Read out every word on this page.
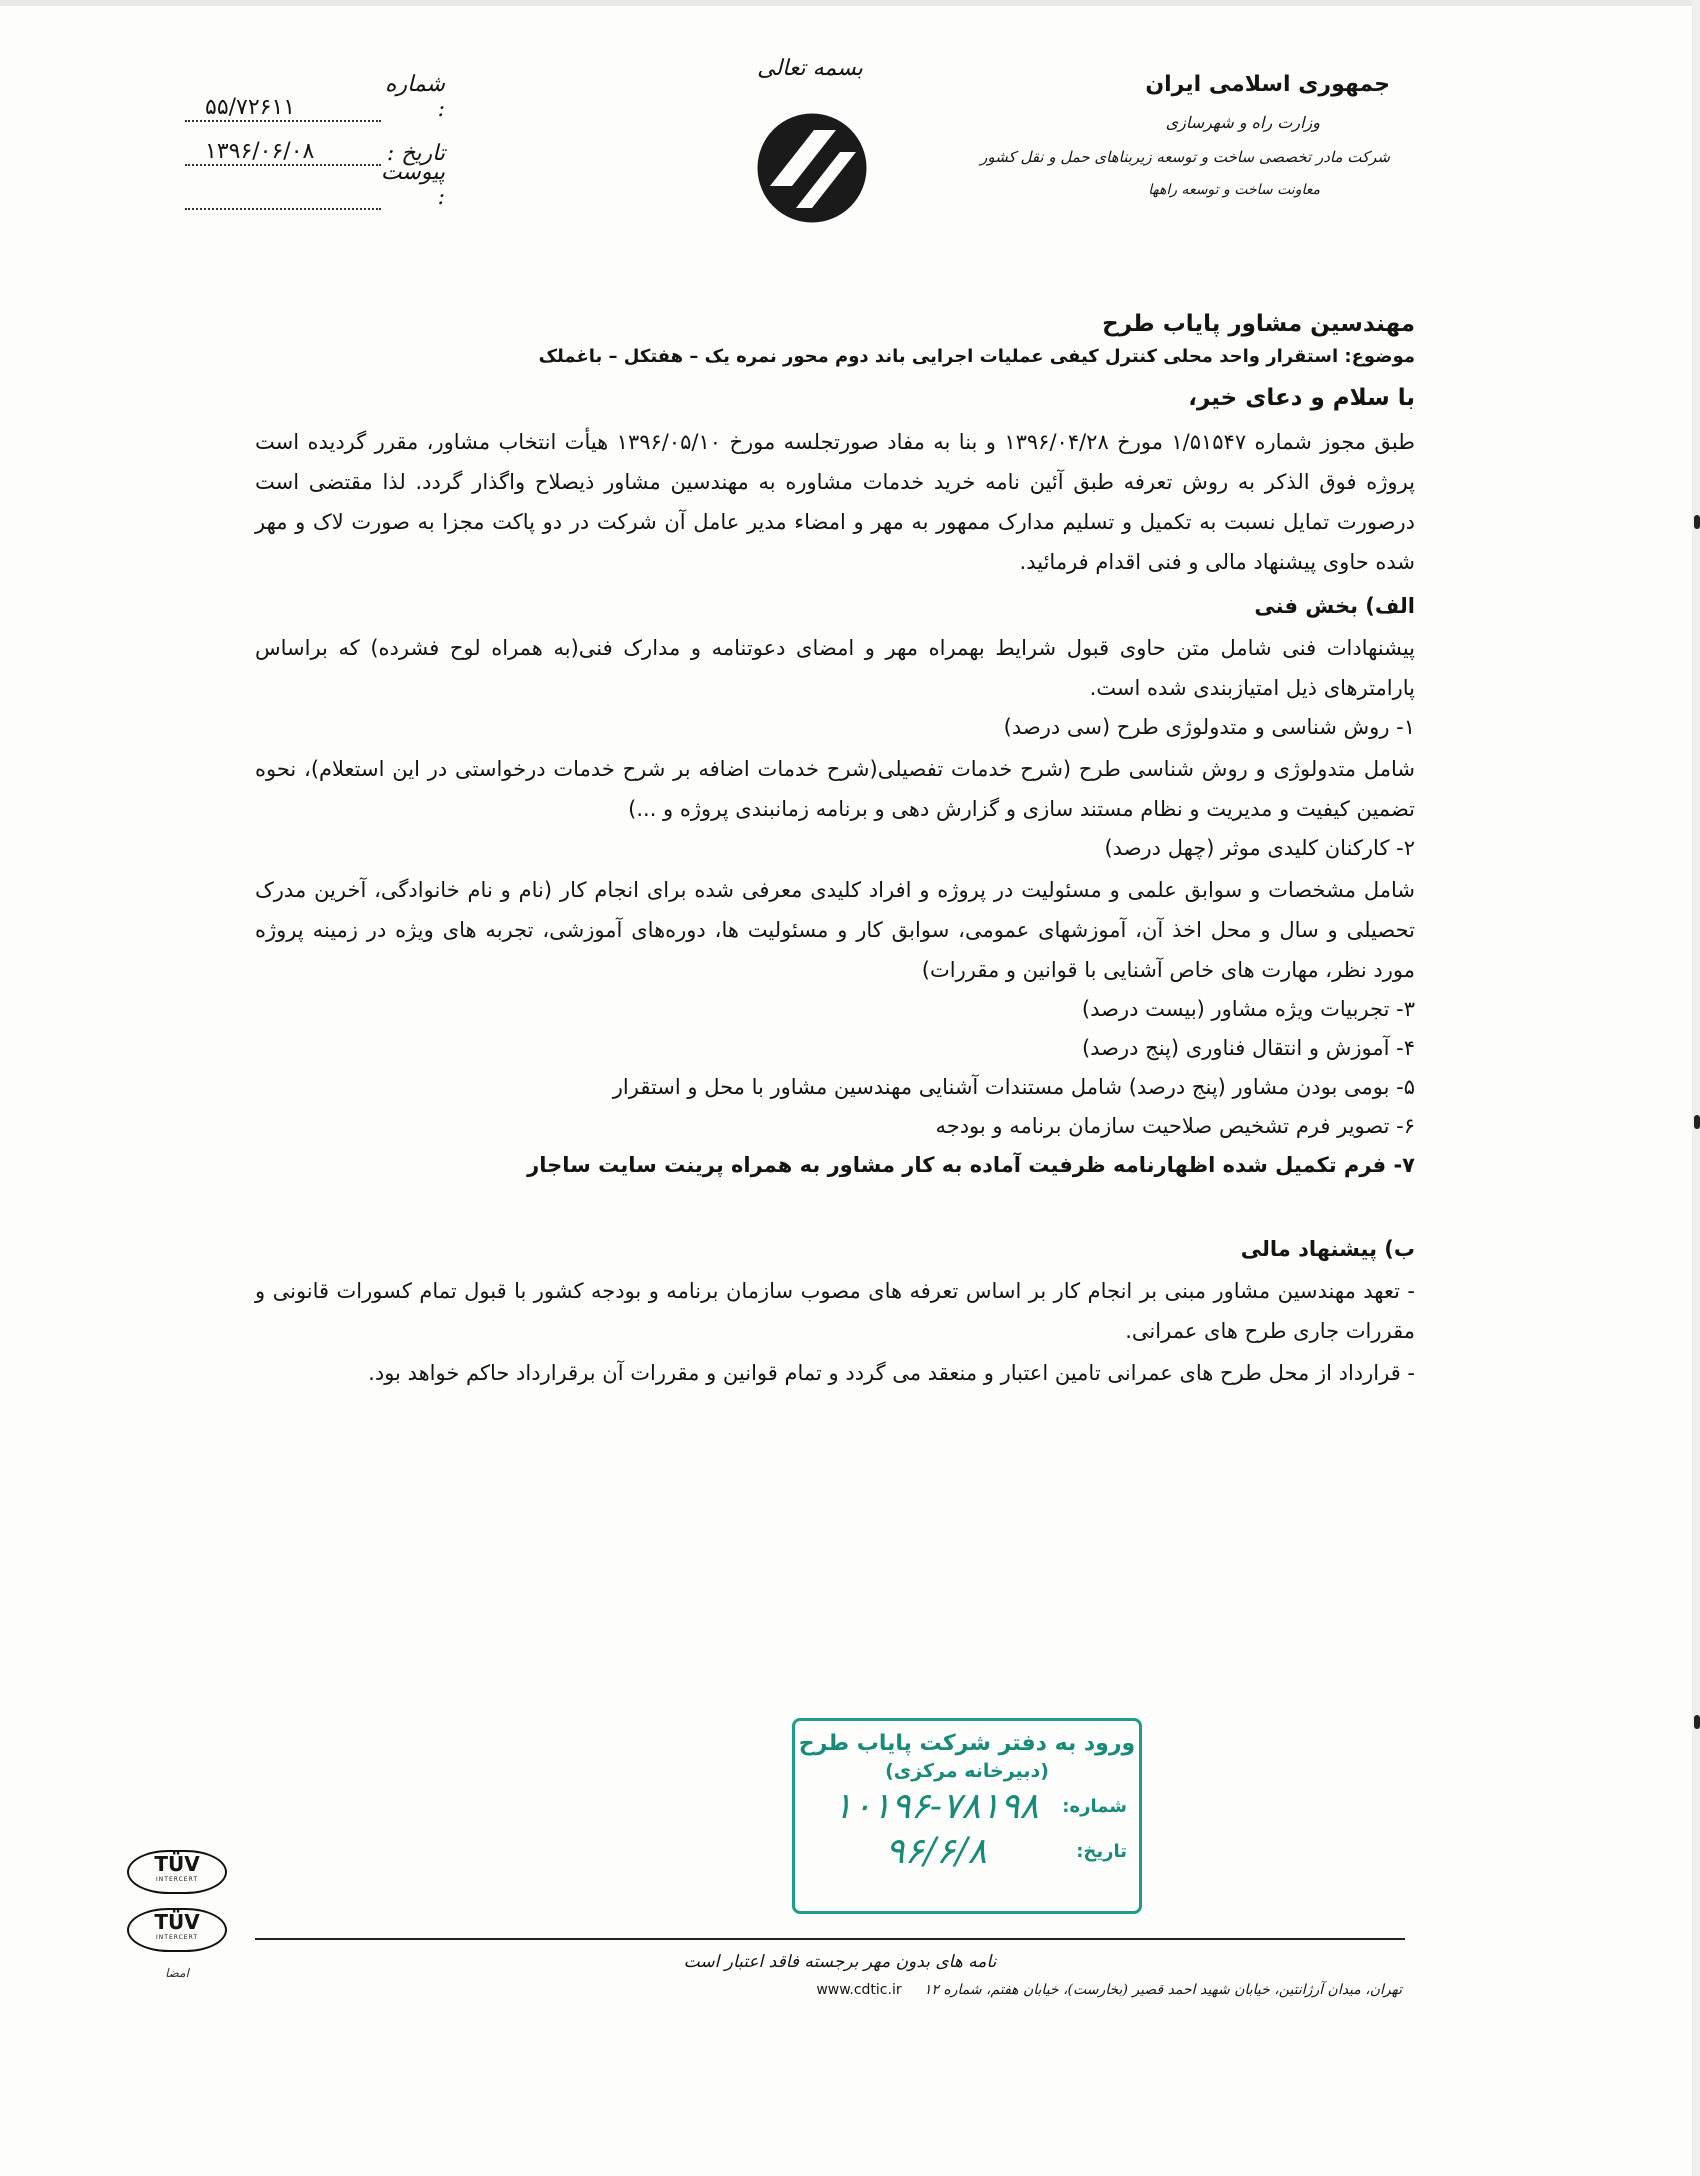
شماره :
۵۵/۷۲۶۱۱
تاریخ :
۱۳۹۶/۰۶/۰۸
پیوست :
بسمه تعالی
جمهوری اسلامی ایران
وزارت راه و شهرسازی
شرکت مادر تخصصی ساخت و توسعه زیربناهای حمل و نقل کشور
معاونت ساخت و توسعه راهها
مهندسین مشاور پایاب طرح
موضوع: استقرار واحد محلی کنترل کیفی عملیات اجرایی باند دوم محور نمره یک – هفتکل – باغملک
با سلام و دعای خیر،
طبق مجوز شماره ۱/۵۱۵۴۷ مورخ ۱۳۹۶/۰۴/۲۸ و بنا به مفاد صورتجلسه مورخ ۱۳۹۶/۰۵/۱۰ هیأت انتخاب مشاور، مقرر گردیده است پروژه فوق الذکر به روش تعرفه طبق آئین نامه خرید خدمات مشاوره به مهندسین مشاور ذیصلاح واگذار گردد. لذا مقتضی است درصورت تمایل نسبت به تکمیل و تسلیم مدارک ممهور به مهر و امضاء مدیر عامل آن شرکت در دو پاکت مجزا به صورت لاک و مهر شده حاوی پیشنهاد مالی و فنی اقدام فرمائید.
الف) بخش فنی
پیشنهادات فنی شامل متن حاوی قبول شرایط بهمراه مهر و امضای دعوتنامه و مدارک فنی(به همراه لوح فشرده) که براساس پارامترهای ذیل امتیازبندی شده است.
۱- روش شناسی و متدولوژی طرح (سی درصد)
شامل متدولوژی و روش شناسی طرح (شرح خدمات تفصیلی(شرح خدمات اضافه بر شرح خدمات درخواستی در این استعلام)، نحوه تضمین کیفیت و مدیریت و نظام مستند سازی و گزارش دهی و برنامه زمانبندی پروژه و ...)
۲- کارکنان کلیدی موثر (چهل درصد)
شامل مشخصات و سوابق علمی و مسئولیت در پروژه و افراد کلیدی معرفی شده برای انجام کار (نام و نام خانوادگی، آخرین مدرک تحصیلی و سال و محل اخذ آن، آموزشهای عمومی، سوابق کار و مسئولیت ها، دوره‌های آموزشی، تجربه های ویژه در زمینه پروژه مورد نظر، مهارت های خاص آشنایی با قوانین و مقررات)
۳- تجربیات ویژه مشاور (بیست درصد)
۴- آموزش و انتقال فناوری (پنج درصد)
۵- بومی بودن مشاور (پنج درصد) شامل مستندات آشنایی مهندسین مشاور با محل و استقرار
۶- تصویر فرم تشخیص صلاحیت سازمان برنامه و بودجه
۷- فرم تکمیل شده اظهارنامه ظرفیت آماده به کار مشاور به همراه پرینت سایت ساجار
ب) پیشنهاد مالی
- تعهد مهندسین مشاور مبنی بر انجام کار بر اساس تعرفه های مصوب سازمان برنامه و بودجه کشور با قبول تمام کسورات قانونی و مقررات جاری طرح های عمرانی.
- قرارداد از محل طرح های عمرانی تامین اعتبار و منعقد می گردد و تمام قوانین و مقررات آن برقرارداد حاکم خواهد بود.
ورود به دفتر شرکت پایاب طرح
(دبیرخانه مرکزی)
شماره:
۱۰۱۹۶-۷۸۱۹۸
تاریخ:
۹۶/۶/۸
TÜV
INTERCERT
TÜV
INTERCERT
امضا
نامه های بدون مهر برجسته فاقد اعتبار است
تهران، میدان آرژانتین، خیابان شهید احمد قصیر (بخارست)، خیابان هفتم، شماره ۱۲     www.cdtic.ir
